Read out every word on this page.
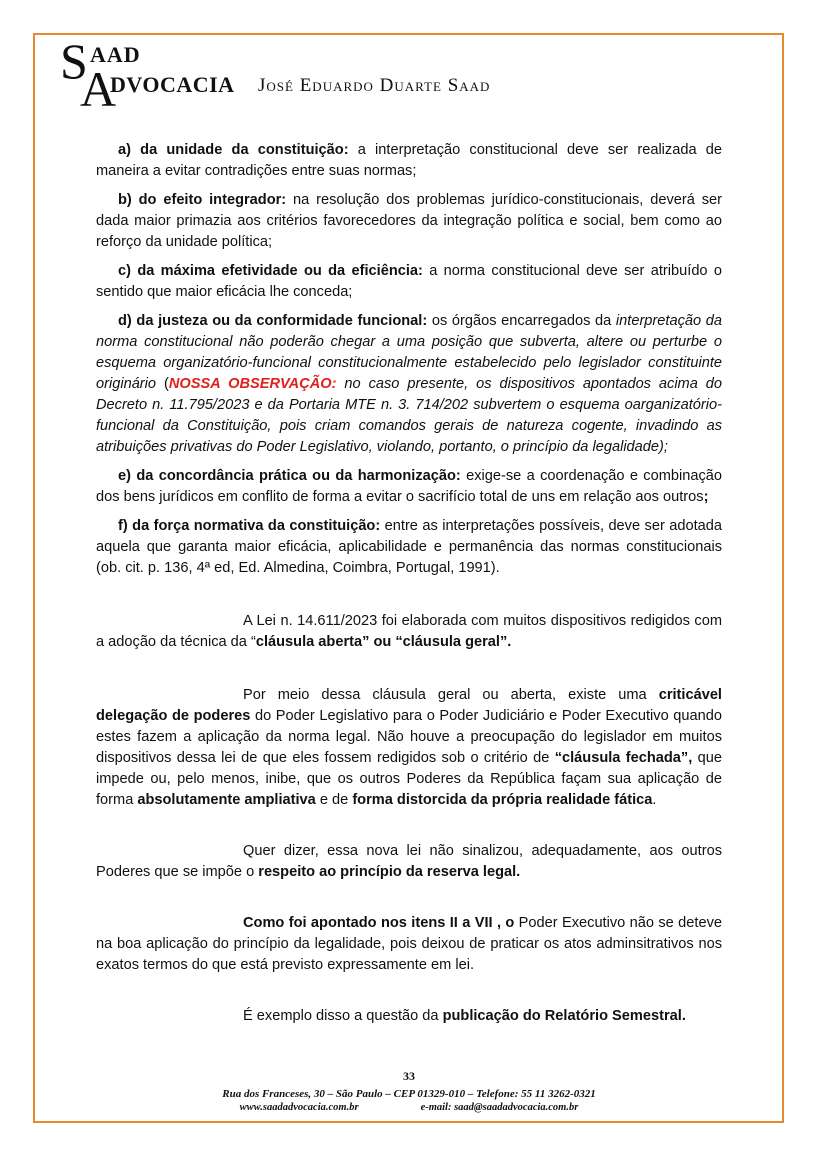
S AAD
A
DVOCACIA José Eduardo Duarte Saad

a) da unidade da constituição: a interpretação constitucional deve ser realizada de maneira a evitar contradições entre suas normas;

b) do efeito integrador: na resolução dos problemas jurídico-constitucionais, deverá ser dada maior primazia aos critérios favorecedores da integração política e social, bem como ao reforço da unidade política;

c) da máxima efetividade ou da eficiência: a norma constitucional deve ser atribuído o sentido que maior eficácia lhe conceda;

d) da justeza ou da conformidade funcional: os órgãos encarregados da interpretação da norma constitucional não poderão chegar a uma posição que subverta, altere ou perturbe o esquema organizatório-funcional constitucionalmente estabelecido pelo legislador constituinte originário (NOSSA OBSERVAÇÃO: no caso presente, os dispositivos apontados acima do Decreto n. 11.795/2023 e da Portaria MTE n. 3. 714/202 subvertem o esquema oarganizatório-funcional da Constituição, pois criam comandos gerais de natureza cogente, invadindo as atribuições privativas do Poder Legislativo, violando, portanto, o princípio da legalidade);

e) da concordância prática ou da harmonização: exige-se a coordenação e combinação dos bens jurídicos em conflito de forma a evitar o sacrifício total de uns em relação aos outros;

f) da força normativa da constituição: entre as interpretações possíveis, deve ser adotada aquela que garanta maior eficácia, aplicabilidade e permanência das normas constitucionais (ob. cit. p. 136, 4ª ed, Ed. Almedina, Coimbra, Portugal, 1991).

A Lei n. 14.611/2023 foi elaborada com muitos dispositivos redigidos com a adoção da técnica da “cláusula aberta” ou “cláusula geral”.

Por meio dessa cláusula geral ou aberta, existe uma criticável delegação de poderes do Poder Legislativo para o Poder Judiciário e Poder Executivo quando estes fazem a aplicação da norma legal. Não houve a preocupação do legislador em muitos dispositivos dessa lei de que eles fossem redigidos sob o critério de “cláusula fechada”, que impede ou, pelo menos, inibe, que os outros Poderes da República façam sua aplicação de forma absolutamente ampliativa e de forma distorcida da própria realidade fática.

Quer dizer, essa nova lei não sinalizou, adequadamente, aos outros Poderes que se impõe o respeito ao princípio da reserva legal.

Como foi apontado nos itens II a VII , o Poder Executivo não se deteve na boa aplicação do princípio da legalidade, pois deixou de praticar os atos adminsitrativos nos exatos termos do que está previsto expressamente em lei.

É exemplo disso a questão da publicação do Relatório Semestral.

33
Rua dos Franceses, 30 – São Paulo – CEP 01329-010 – Telefone: 55 11 3262-0321
www.saadadvocacia.com.br	e-mail: saad@saadadvocacia.com.br
